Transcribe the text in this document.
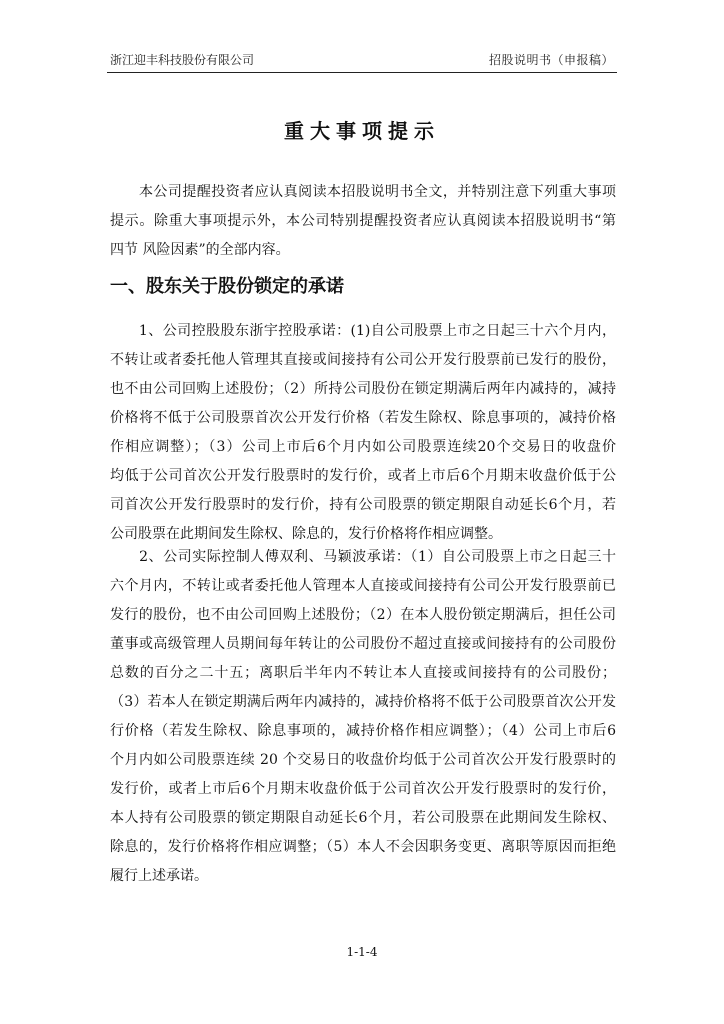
浙江迎丰科技股份有限公司	招股说明书（申报稿）
重大事项提示
　　本公司提醒投资者应认真阅读本招股说明书全文，并特别注意下列重大事项
提示。除重大事项提示外，本公司特别提醒投资者应认真阅读本招股说明书“第
四节 风险因素”的全部内容。
一、股东关于股份锁定的承诺
　　1、公司控股股东浙宇控股承诺：(1)自公司股票上市之日起三十六个月内，
不转让或者委托他人管理其直接或间接持有公司公开发行股票前已发行的股份，
也不由公司回购上述股份；（2）所持公司股份在锁定期满后两年内减持的，减持
价格将不低于公司股票首次公开发行价格（若发生除权、除息事项的，减持价格
作相应调整）；（3）公司上市后6个月内如公司股票连续20个交易日的收盘价
均低于公司首次公开发行股票时的发行价，或者上市后6个月期末收盘价低于公
司首次公开发行股票时的发行价，持有公司股票的锁定期限自动延长6个月，若
公司股票在此期间发生除权、除息的，发行价格将作相应调整。
　　2、公司实际控制人傅双利、马颖波承诺：（1）自公司股票上市之日起三十
六个月内，不转让或者委托他人管理本人直接或间接持有公司公开发行股票前已
发行的股份，也不由公司回购上述股份；（2）在本人股份锁定期满后，担任公司
董事或高级管理人员期间每年转让的公司股份不超过直接或间接持有的公司股份
总数的百分之二十五；离职后半年内不转让本人直接或间接持有的公司股份；
（3）若本人在锁定期满后两年内减持的，减持价格将不低于公司股票首次公开发
行价格（若发生除权、除息事项的，减持价格作相应调整）；（4）公司上市后6
个月内如公司股票连续 20 个交易日的收盘价均低于公司首次公开发行股票时的
发行价，或者上市后6个月期末收盘价低于公司首次公开发行股票时的发行价，
本人持有公司股票的锁定期限自动延长6个月，若公司股票在此期间发生除权、
除息的，发行价格将作相应调整；（5）本人不会因职务变更、离职等原因而拒绝
履行上述承诺。
1-1-4
